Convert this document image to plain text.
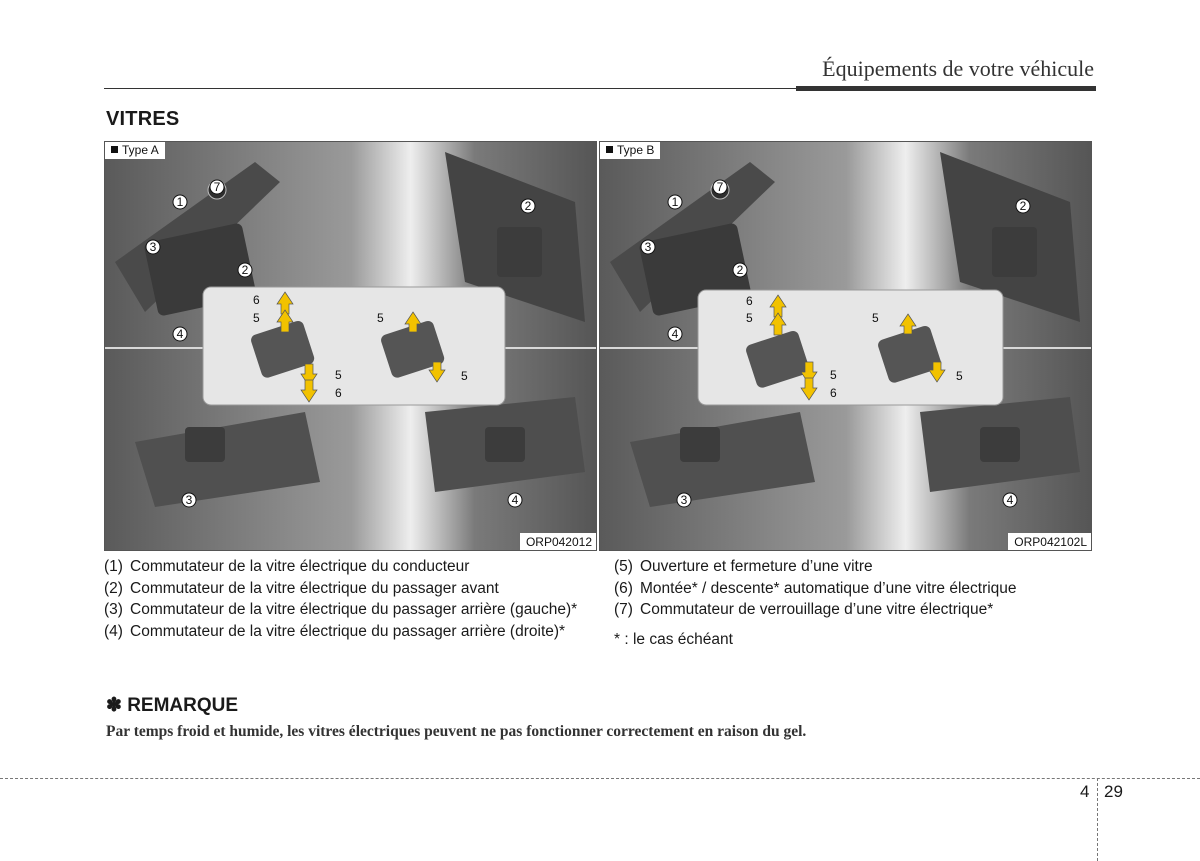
Équipements de votre véhicule
VITRES
1
7
2
3
4
2
3	4
6
5
5
6
5
5
Type A
ORP042012
1
7
2
3
4
2
3	4
6
5
5
6
5
5
Type B
ORP042102L
(1) Commutateur de la vitre électrique du conducteur
(2) Commutateur de la vitre électrique du passager avant
(3) Commutateur de la vitre électrique du passager arrière (gauche)*
(4) Commutateur de la vitre électrique du passager arrière (droite)*
(5) Ouverture et fermeture d’une vitre
(6) Montée* / descente* automatique d’une vitre électrique
(7) Commutateur de verrouillage d’une vitre électrique*
* : le cas échéant
✽ REMARQUE
Par temps froid et humide, les vitres électriques peuvent ne pas fonctionner correctement en raison du gel.
4 29
